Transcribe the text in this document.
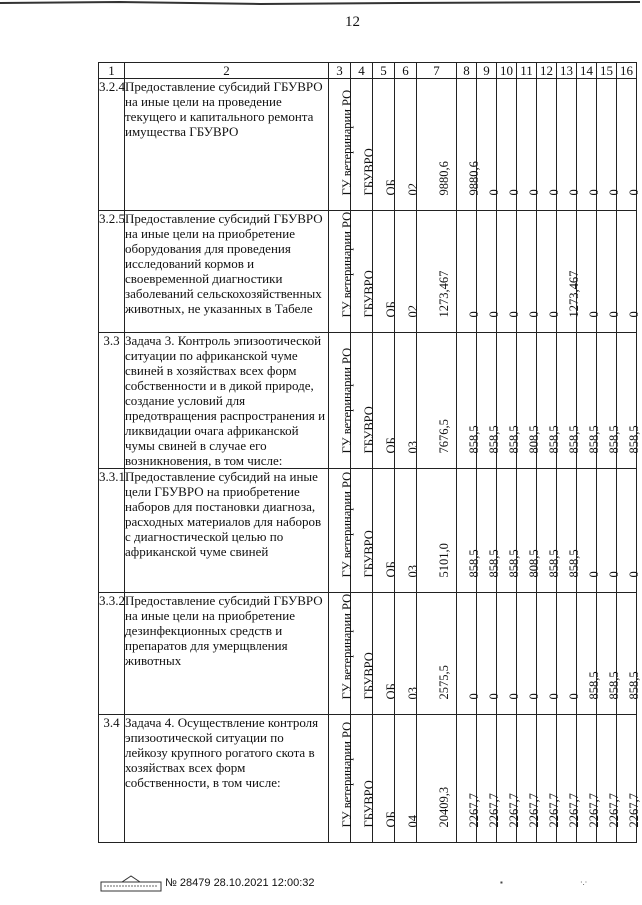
12
1	2	3	4	5	6	7	8	9	10	11	12	13	14	15	16
3.2.4	Предоставление субсидий ГБУВРО на иные цели на проведение текущего и капитального ремонта имущества ГБУВРО	ГУ ветеринарии РО	ГБУВРО	ОБ	02	9880,6	9880,6	0	0	0	0	0	0	0	0

3.2.5	Предоставление субсидий ГБУВРО на иные цели на приобретение оборудования для проведения исследований кормов и своевременной диагностики заболеваний сельскохозяйственных животных, не указанных в Табеле	ГУ ветеринарии РО	ГБУВРО	ОБ	02	1273,467	0	0	0	0	0	1273,467	0	0	0

3.3	Задача 3. Контроль эпизоотической ситуации по африканской чуме свиней в хозяйствах всех форм собственности и в дикой природе, создание условий для предотвращения распространения и ликвидации очага африканской чумы свиней в случае его возникновения, в том числе:	ГУ ветеринарии РО	ГБУВРО	ОБ	03	7676,5	858,5	858,5	858,5	808,5	858,5	858,5	858,5	858,5	858,5

3.3.1	Предоставление субсидий на иные цели ГБУВРО на приобретение наборов для постановки диагноза, расходных материалов для наборов с диагностической целью по африканской чуме свиней	ГУ ветеринарии РО	ГБУВРО	ОБ	03	5101,0	858,5	858,5	858,5	808,5	858,5	858,5	0	0	0

3.3.2	Предоставление субсидий ГБУВРО на иные цели на приобретение дезинфекционных средств и препаратов для умерщвления животных	ГУ ветеринарии РО	ГБУВРО	ОБ	03	2575,5	0	0	0	0	0	0	858,5	858,5	858,5

3.4	Задача 4. Осуществление контроля эпизоотической ситуации по лейкозу крупного рогатого скота в хозяйствах всех форм собственности, в том числе:	ГУ ветеринарии РО	ГБУВРО	ОБ	04	20409,3	2267,7	2267,7	2267,7	2267,7	2267,7	2267,7	2267,7	2267,7	2267,7
№ 28479 28.10.2021 12:00:32	▪	·.·
